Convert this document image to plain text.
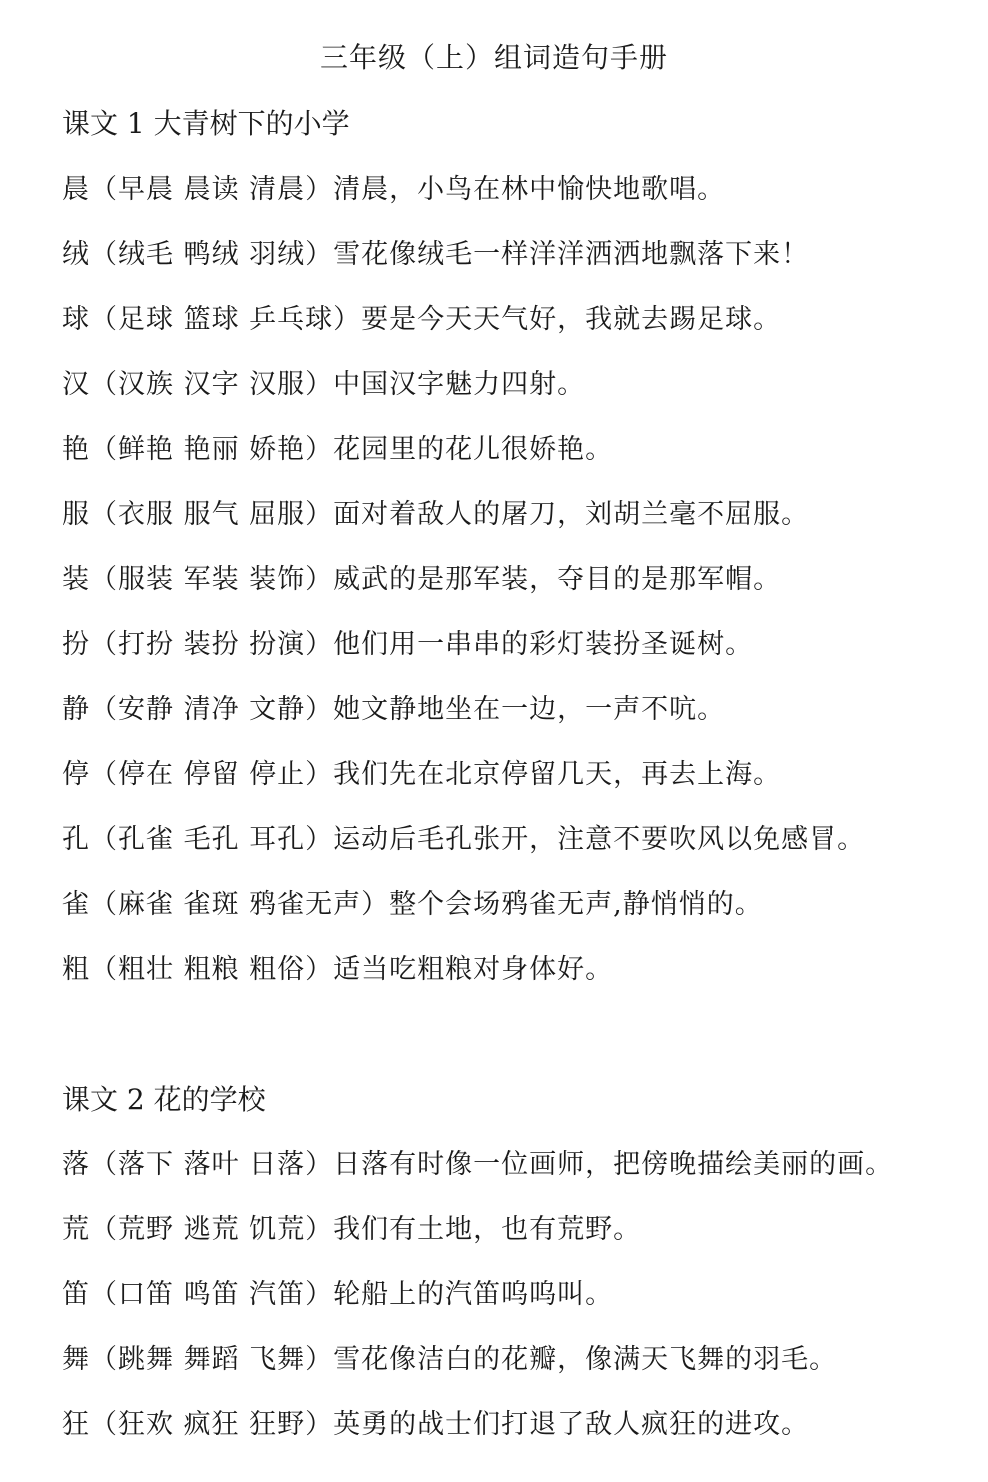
三年级（上）组词造句手册
课文 1 大青树下的小学
晨（早晨 晨读 清晨）清晨，小鸟在林中愉快地歌唱。
绒（绒毛 鸭绒 羽绒）雪花像绒毛一样洋洋洒洒地飘落下来！
球（足球 篮球 乒乓球）要是今天天气好，我就去踢足球。
汉（汉族 汉字 汉服）中国汉字魅力四射。
艳（鲜艳 艳丽 娇艳）花园里的花儿很娇艳。
服（衣服 服气 屈服）面对着敌人的屠刀，刘胡兰毫不屈服。
装（服装 军装 装饰）威武的是那军装，夺目的是那军帽。
扮（打扮 装扮 扮演）他们用一串串的彩灯装扮圣诞树。
静（安静 清净 文静）她文静地坐在一边，一声不吭。
停（停在 停留 停止）我们先在北京停留几天，再去上海。
孔（孔雀 毛孔 耳孔）运动后毛孔张开，注意不要吹风以免感冒。
雀（麻雀 雀斑 鸦雀无声）整个会场鸦雀无声,静悄悄的。
粗（粗壮 粗粮 粗俗）适当吃粗粮对身体好。
课文 2 花的学校
落（落下 落叶 日落）日落有时像一位画师，把傍晚描绘美丽的画。
荒（荒野 逃荒 饥荒）我们有土地，也有荒野。
笛（口笛 鸣笛 汽笛）轮船上的汽笛呜呜叫。
舞（跳舞 舞蹈 飞舞）雪花像洁白的花瓣，像满天飞舞的羽毛。
狂（狂欢 疯狂 狂野）英勇的战士们打退了敌人疯狂的进攻。
